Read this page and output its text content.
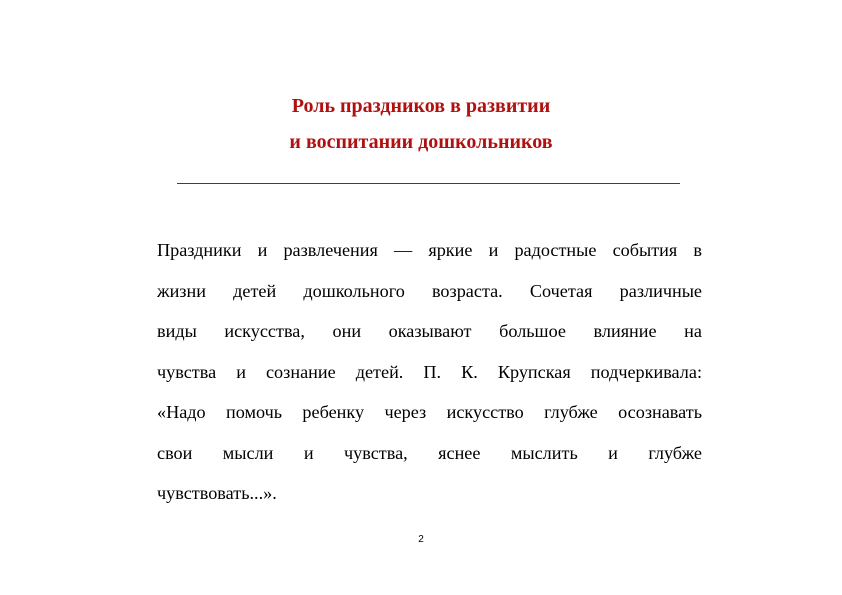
Роль праздников в развитии
и воспитании дошкольников
Праздники и развлечения — яркие и радостные события в
жизни детей дошкольного возраста. Сочетая различные
виды искусства, они оказывают большое влияние на
чувства и сознание детей. П. К. Крупская подчеркивала:
«Надо помочь ребенку через искусство глубже осознавать
свои мысли и чувства, яснее мыслить и глубже
чувствовать...».
2
